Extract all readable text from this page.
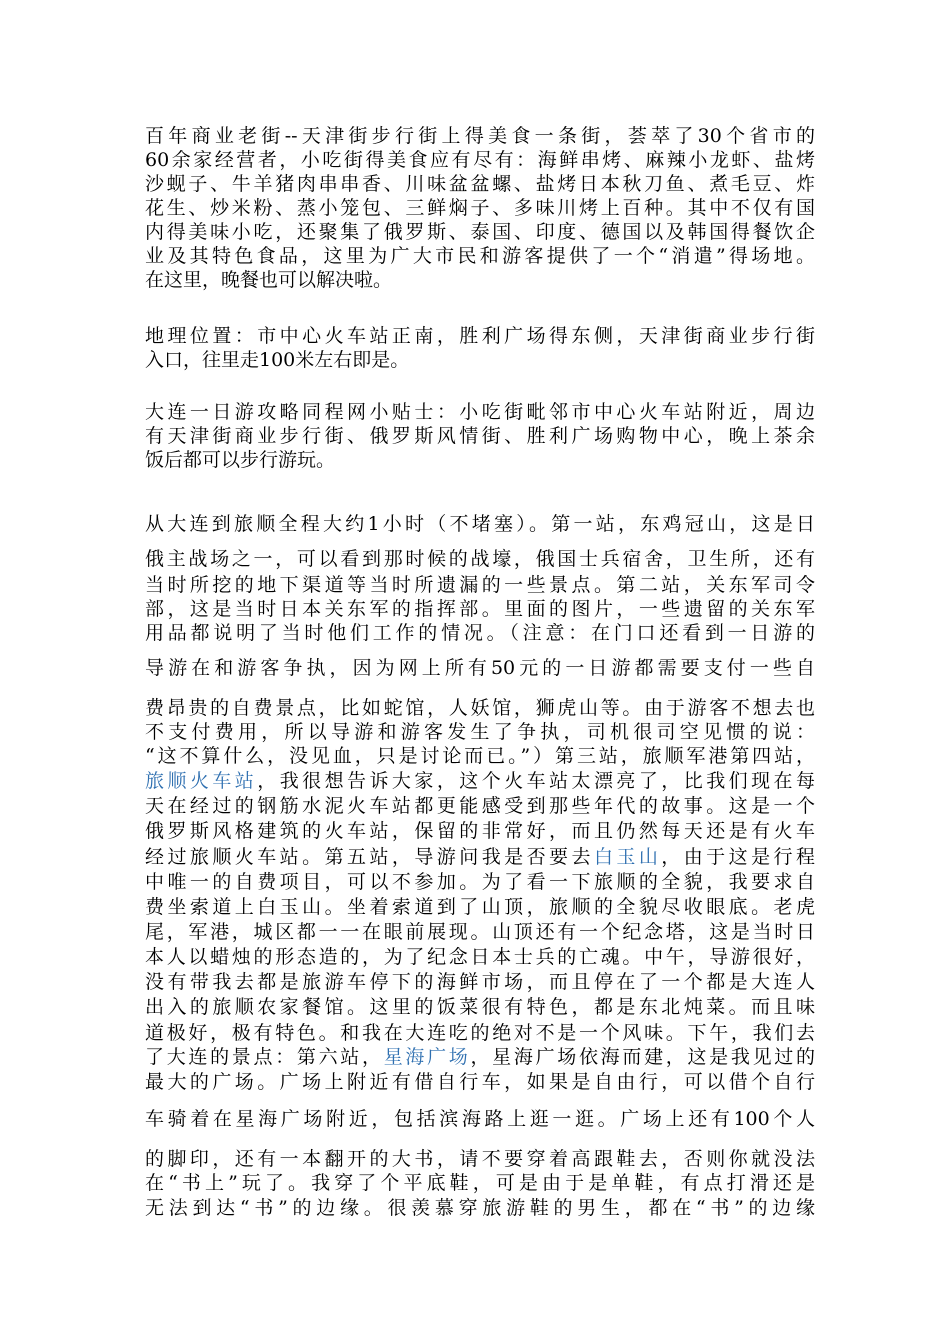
百年商业老街--天津街步行街上得美食一条街，荟萃了30个省市的
60余家经营者，小吃街得美食应有尽有：海鲜串烤、麻辣小龙虾、盐烤
沙蚬子、牛羊猪肉串串香、川味盆盆螺、盐烤日本秋刀鱼、煮毛豆、炸
花生、炒米粉、蒸小笼包、三鲜焖子、多味川烤上百种。其中不仅有国
内得美味小吃，还聚集了俄罗斯、泰国、印度、德国以及韩国得餐饮企
业及其特色食品，这里为广大市民和游客提供了一个“消遣”得场地。
在这里，晚餐也可以解决啦。
地理位置：市中心火车站正南，胜利广场得东侧，天津街商业步行街
入口，往里走100米左右即是。
大连一日游攻略同程网小贴士：小吃街毗邻市中心火车站附近，周边
有天津街商业步行街、俄罗斯风情街、胜利广场购物中心，晚上茶余
饭后都可以步行游玩。
从大连到旅顺全程大约1小时（不堵塞）。第一站，东鸡冠山，这是日
俄主战场之一，可以看到那时候的战壕，俄国士兵宿舍，卫生所，还有
当时所挖的地下渠道等当时所遗漏的一些景点。第二站，关东军司令
部，这是当时日本关东军的指挥部。里面的图片，一些遗留的关东军
用品都说明了当时他们工作的情况。（注意：在门口还看到一日游的
导游在和游客争执，因为网上所有50元的一日游都需要支付一些自
费昂贵的自费景点，比如蛇馆，人妖馆，狮虎山等。由于游客不想去也
不支付费用，所以导游和游客发生了争执，司机很司空见惯的说：
“这不算什么，没见血，只是讨论而已。”）第三站，旅顺军港第四站，
旅顺火车站，我很想告诉大家，这个火车站太漂亮了，比我们现在每
天在经过的钢筋水泥火车站都更能感受到那些年代的故事。这是一个
俄罗斯风格建筑的火车站，保留的非常好，而且仍然每天还是有火车
经过旅顺火车站。第五站，导游问我是否要去白玉山，由于这是行程
中唯一的自费项目，可以不参加。为了看一下旅顺的全貌，我要求自
费坐索道上白玉山。坐着索道到了山顶，旅顺的全貌尽收眼底。老虎
尾，军港，城区都一一在眼前展现。山顶还有一个纪念塔，这是当时日
本人以蜡烛的形态造的，为了纪念日本士兵的亡魂。中午，导游很好，
没有带我去都是旅游车停下的海鲜市场，而且停在了一个都是大连人
出入的旅顺农家餐馆。这里的饭菜很有特色，都是东北炖菜。而且味
道极好，极有特色。和我在大连吃的绝对不是一个风味。下午，我们去
了大连的景点：第六站，星海广场，星海广场依海而建，这是我见过的
最大的广场。广场上附近有借自行车，如果是自由行，可以借个自行
车骑着在星海广场附近，包括滨海路上逛一逛。广场上还有100个人
的脚印，还有一本翻开的大书，请不要穿着高跟鞋去，否则你就没法
在“书上”玩了。我穿了个平底鞋，可是由于是单鞋，有点打滑还是
无法到达“书”的边缘。很羡慕穿旅游鞋的男生，都在“书”的边缘
